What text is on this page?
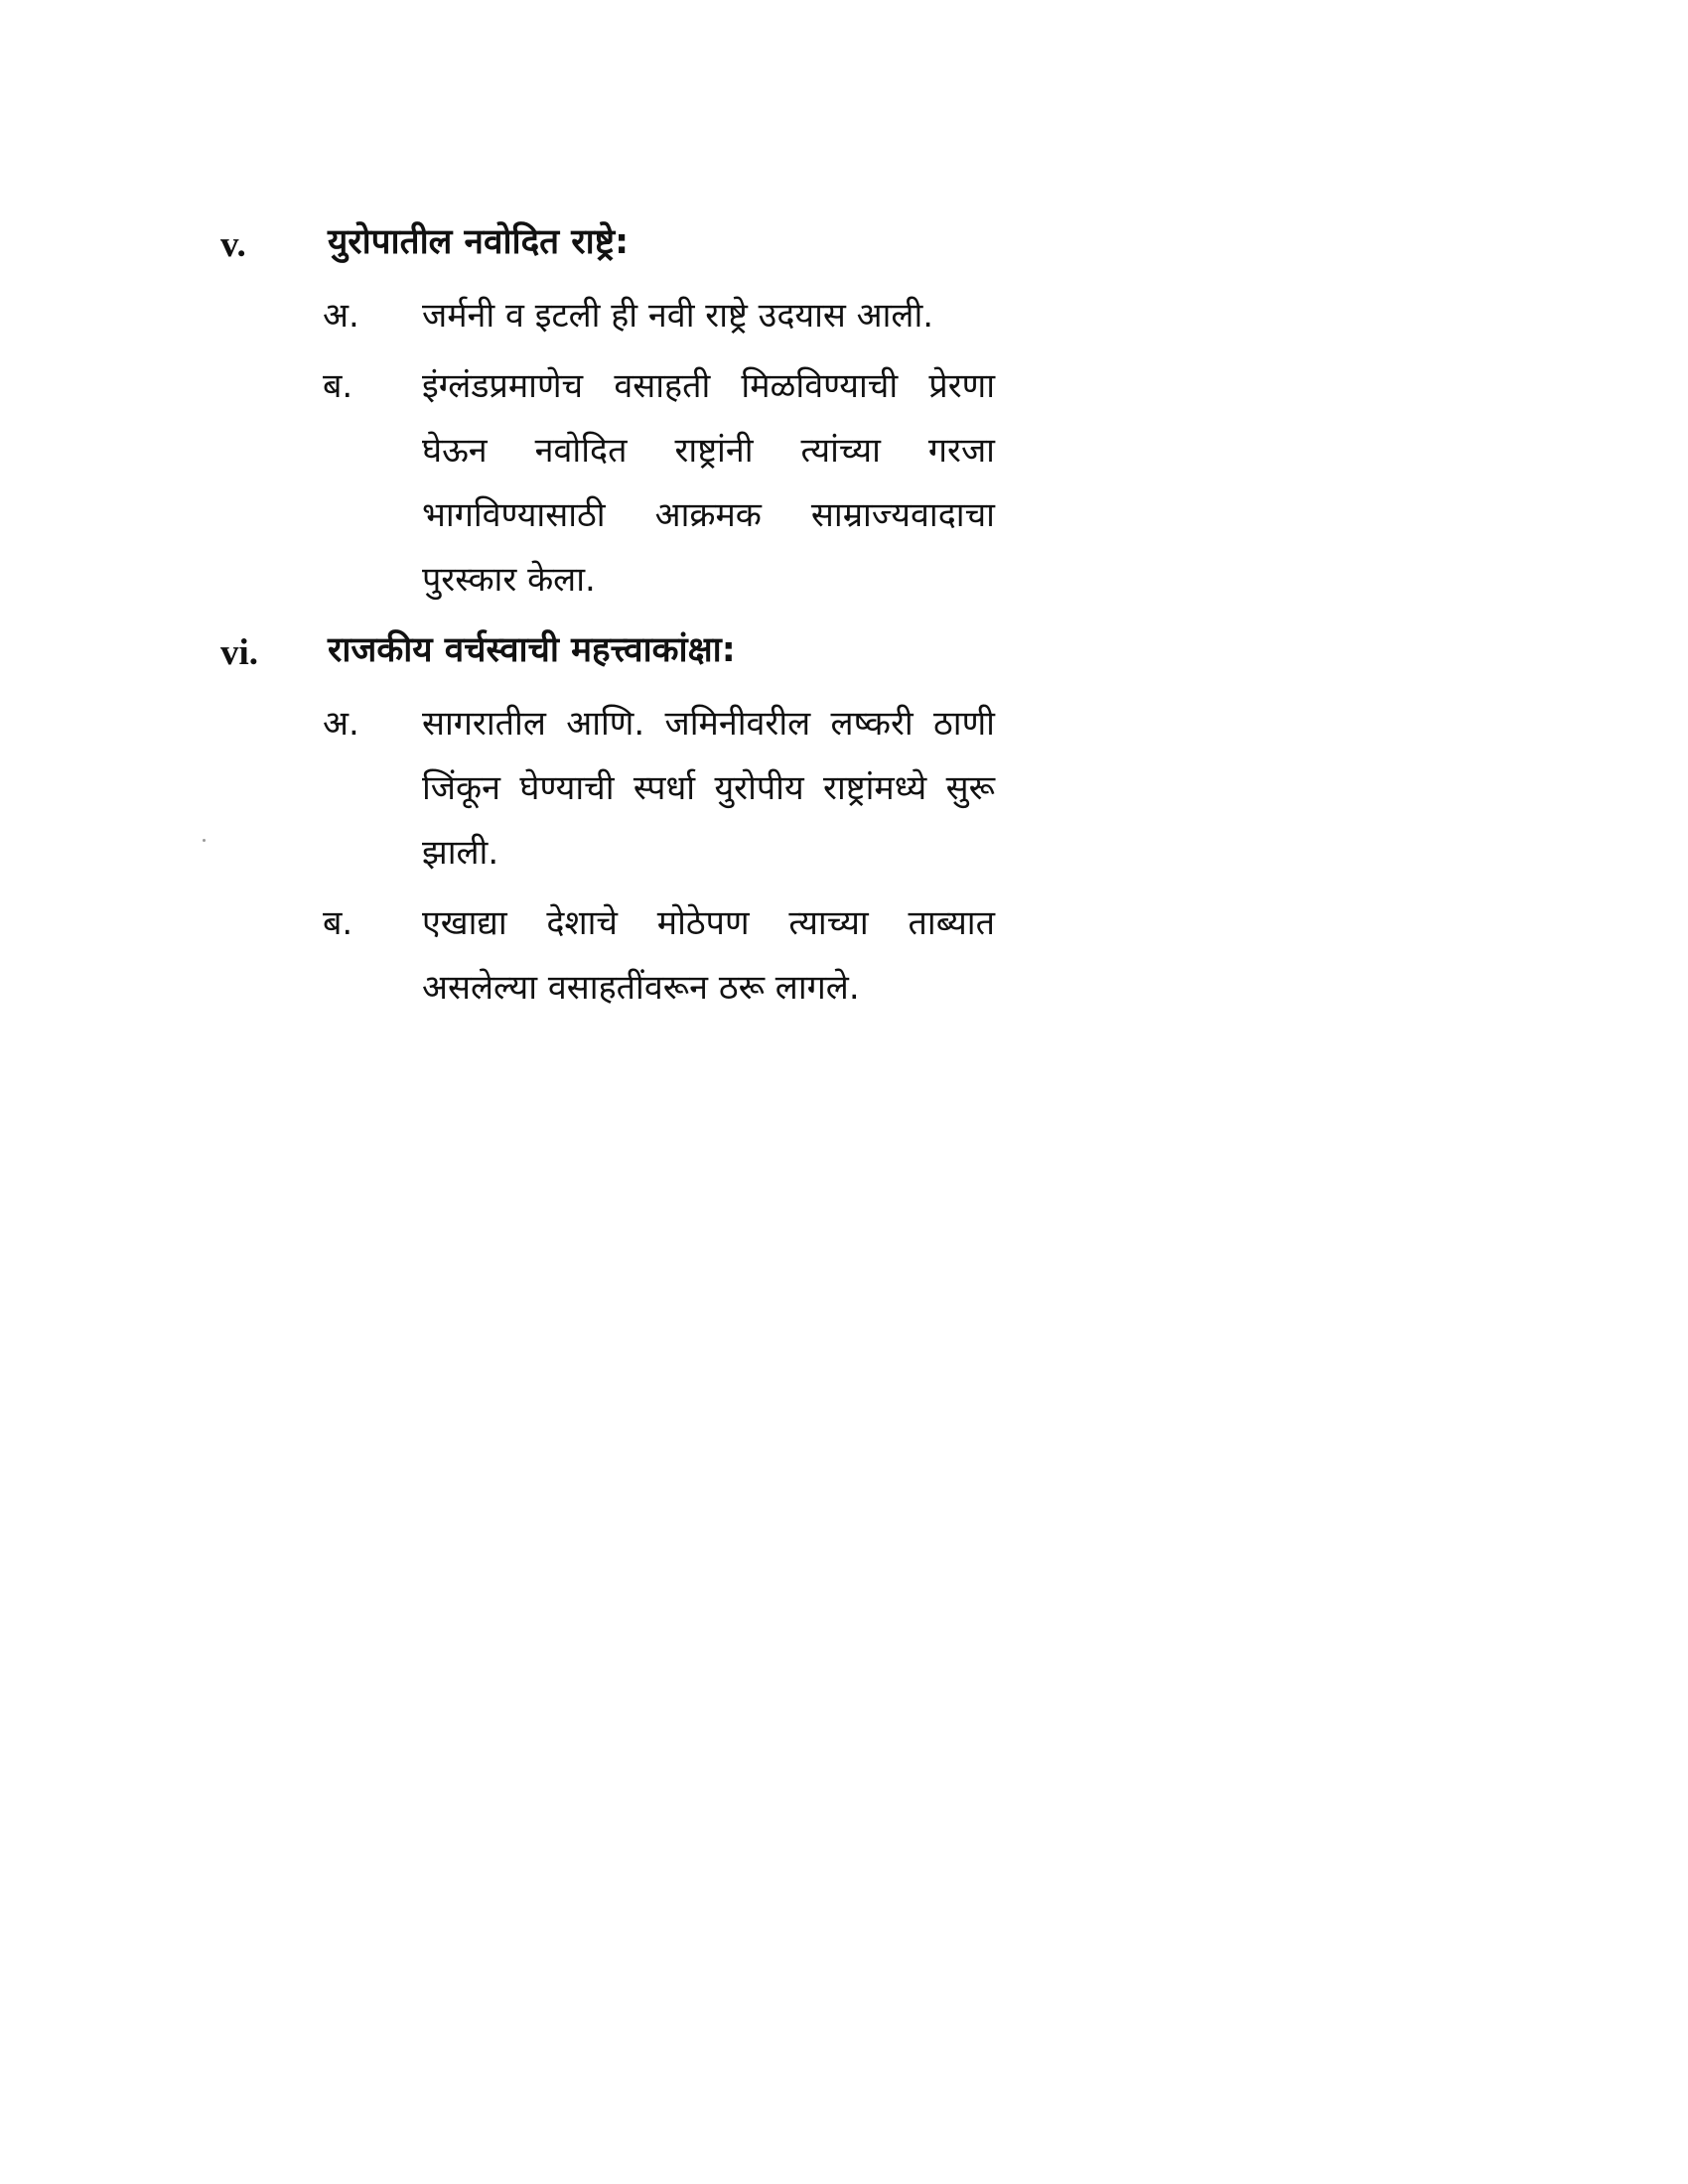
v.	युरोपातील नवोदित राष्ट्रे:
अ.	जर्मनी व इटली ही नवी राष्ट्रे उदयास आली.
ब.	इंग्लंडप्रमाणेच वसाहती मिळविण्याची प्रेरणा घेऊन नवोदित राष्ट्रांनी त्यांच्या गरजा भागविण्यासाठी आक्रमक साम्राज्यवादाचा पुरस्कार केला.
vi.	राजकीय वर्चस्वाची महत्त्वाकांक्षा:
अ.	सागरातील आणि. जमिनीवरील लष्करी ठाणी जिंकून घेण्याची स्पर्धा युरोपीय राष्ट्रांमध्ये सुरू झाली.
ब.	एखाद्या देशाचे मोठेपण त्याच्या ताब्यात असलेल्या वसाहतींवरून ठरू लागले.
